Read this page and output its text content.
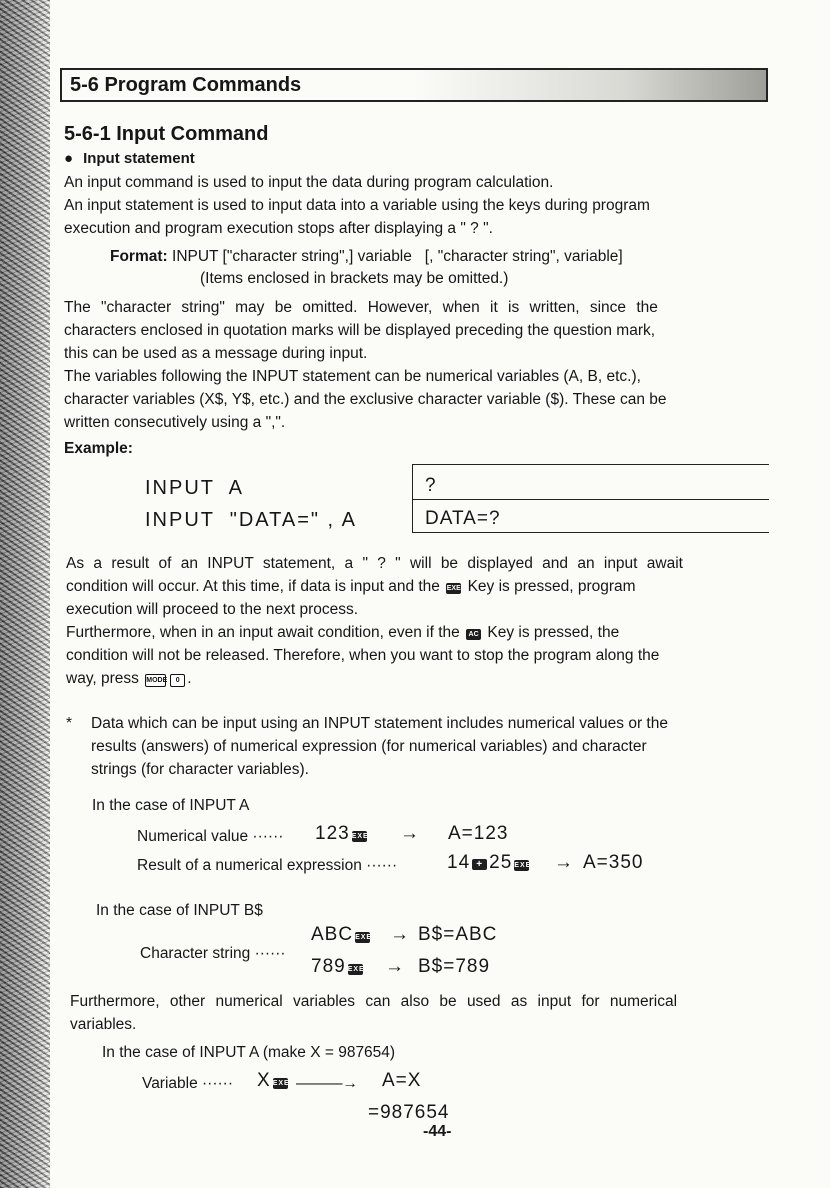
5-6 Program Commands
5-6-1 Input Command
● Input statement
An input command is used to input the data during program calculation.
An input statement is used to input data into a variable using the keys during program
execution and program execution stops after displaying a " ? ".
Format: INPUT ["character string",] variable   [, "character string", variable]
(Items enclosed in brackets may be omitted.)
The "character string" may be omitted. However, when it is written, since the
characters enclosed in quotation marks will be displayed preceding the question mark,
this can be used as a message during input.
The variables following the INPUT statement can be numerical variables (A, B, etc.),
character variables (X$, Y$, etc.) and the exclusive character variable ($). These can be
written consecutively using a ",".
Example:
INPUT  A
INPUT  "DATA=" , A
?
DATA=?
As a result of an INPUT statement, a " ? " will be displayed and an input await
condition will occur. At this time, if data is input and the EXE Key is pressed, program
execution will proceed to the next process.
Furthermore, when in an input await condition, even if the AC Key is pressed, the
condition will not be released. Therefore, when you want to stop the program along the
way, press MODE 0 .
* Data which can be input using an INPUT statement includes numerical values or the
results (answers) of numerical expression (for numerical variables) and character
strings (for character variables).
In the case of INPUT A
Numerical value ······ 123 EXE → A=123
Result of a numerical expression ······	14 + 25 EXE → A=350
In the case of INPUT B$
ABC EXE → B$=ABC
Character string ······
789 EXE → B$=789
Furthermore, other numerical variables can also be used as input for numerical
variables.
In the case of INPUT A (make X = 987654)
Variable ······ X EXE ———→ A=X
=987654
-44-
